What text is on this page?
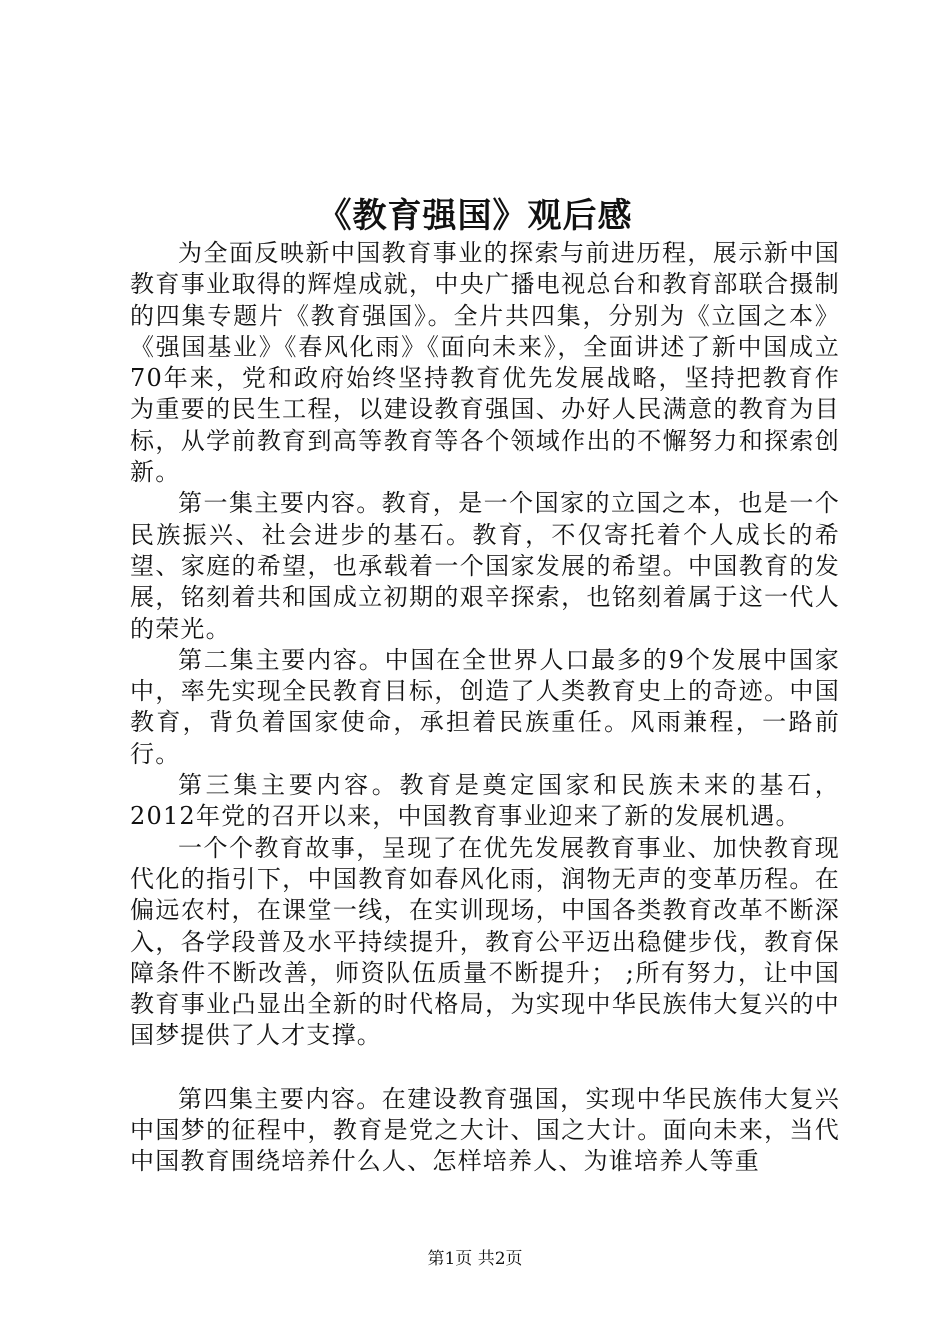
《教育强国》观后感

为全面反映新中国教育事业的探索与前进历程，展示新中国教育事业取得的辉煌成就，中央广播电视总台和教育部联合摄制的四集专题片《教育强国》。全片共四集，分别为《立国之本》《强国基业》《春风化雨》《面向未来》，全面讲述了新中国成立70年来，党和政府始终坚持教育优先发展战略，坚持把教育作为重要的民生工程，以建设教育强国、办好人民满意的教育为目标，从学前教育到高等教育等各个领域作出的不懈努力和探索创新。

第一集主要内容。教育，是一个国家的立国之本，也是一个民族振兴、社会进步的基石。教育，不仅寄托着个人成长的希望、家庭的希望，也承载着一个国家发展的希望。中国教育的发展，铭刻着共和国成立初期的艰辛探索，也铭刻着属于这一代人的荣光。

第二集主要内容。中国在全世界人口最多的9个发展中国家中，率先实现全民教育目标，创造了人类教育史上的奇迹。中国教育，背负着国家使命，承担着民族重任。风雨兼程，一路前行。

第三集主要内容。教育是奠定国家和民族未来的基石，2012年党的召开以来，中国教育事业迎来了新的发展机遇。

一个个教育故事，呈现了在优先发展教育事业、加快教育现代化的指引下，中国教育如春风化雨，润物无声的变革历程。在偏远农村，在课堂一线，在实训现场，中国各类教育改革不断深入，各学段普及水平持续提升，教育公平迈出稳健步伐，教育保障条件不断改善，师资队伍质量不断提升； ;所有努力，让中国教育事业凸显出全新的时代格局，为实现中华民族伟大复兴的中国梦提供了人才支撑。

第四集主要内容。在建设教育强国，实现中华民族伟大复兴中国梦的征程中，教育是党之大计、国之大计。面向未来，当代中国教育围绕培养什么人、怎样培养人、为谁培养人等重

第1页 共2页
